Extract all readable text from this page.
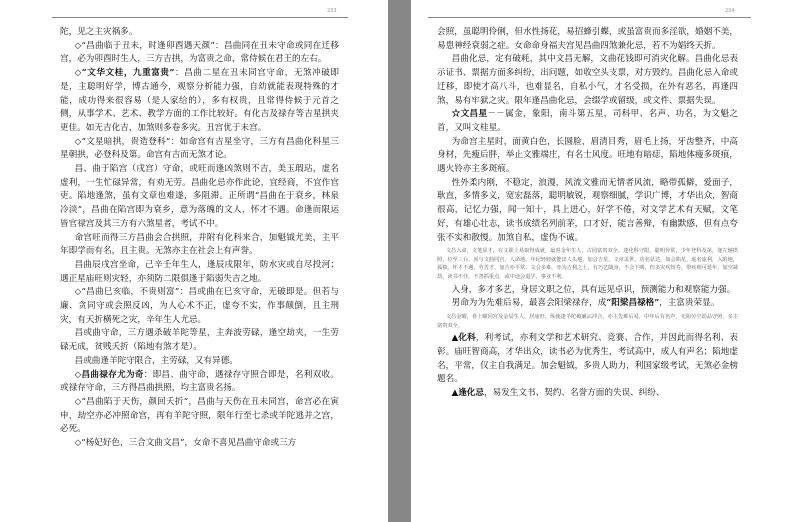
233

陀，见之主灾祸多。

◇“昌曲临于丑未，时逢卯酉遇天颜”：昌曲同在丑未守命或同在迁移宫，必为卯酉时生人，三方吉拱，为富贵之命，常侍候在君王的左右。

◇“文华文桂，九重富贵”：昌曲二星在丑未同宫守命，无煞冲破即是，主聪明好学，博古通今，观察分析能力强，自幼就能表现特殊的才能，成功得来很容易（是人家给的），多有权贵，且常得侍候于元首之侧，从事学术、艺术、教学方面的工作比较好。有化吉及禄存等吉星拱夹更佳。如无吉化吉，加煞则多卷多灾。丑宫优于未宫。

◇“文星暗拱，贵造登科”：如命宫有吉星坐守，三方有昌曲化科星三星朝拱，必登科及第。命宫有吉而无煞才论。

昌、曲于陷宫（戌宫）守命，或旺而逢凶煞则不吉，美玉瑕玷，虚名虚利，一生忙碌异常，有劝无劳。昌曲化忌亦作此论，宜经商，不宜作官吏。陷地逢煞，虽有文章也难遂，多阻滞。正所谓“昌曲在于衰乡，林泉冷淡”，昌曲在陷宫即为衰乡，意为落魄的文人，怀才不遇。命逢而限运皆官禄宫及其三方有六煞星者，考试不中。

命宫旺而得三方昌曲会合拱照，并附有化科来合，加魁钺尤美，主平年即学而有名，且主贵。无煞亦主在社会上有声誉。

昌曲辰戌宫坐命，己辛壬年生人，逢辰戌限年，防水灾或自尽投河；遇正星庙旺则灾轻，亦须防二限俱逢于陷弱失吉之地。

◇“昌曲巳亥临，不贵则富”：昌或曲在巳亥守命，无破即是。但若与廉、贪同守或会照反凶，为人心术不正，虚夸不实，作事颠倒，且主刑灾，有天折横死之灾，辛年生人尤忌。

昌或曲守命，三方遇杀破羊陀等星，主奔波劳碌，逢空劫夹，一生劳碌无成，贫贱夭折（陷地有煞才是）。

昌或曲逢羊陀守限合，主劳碌，又有异德。

◇昌曲禄存尤为奇：即昌、曲守命，遇禄存守照合即是，名利双收。或禄存守命，三方得昌曲拱照，均主富贵名扬。

◇“昌曲陷于天伤，颜回夭折”，昌曲与天伤在丑未同宫，命宫必在寅申，劫空亦必冲照命宫，再有羊陀守照，限年行至七杀或羊陀逃并之宫，必死。

◇“杨妃好色，三合文曲文昌”，女命不喜见昌曲守命或三方

234

会照，虽聪明伶俐，但水性扬花，易招蜂引蝶，或虽富贵而多淫欲，婚姻不美，易患神经衰弱之症。女命命身福夫宫见昌曲四煞兼化忌，若不为娼终天折。

昌曲化忌，定有破耗，其中文昌无解，文曲花钱即可消灾化解。昌曲化忌表示证书、票据方面多纠纷，出问题，如收空头支票，对方毁约。昌曲化忌入命或迁移，即使才高八斗，也难显名，自私小气，才名受损，在外有恶名，再逢四煞，易有牢狱之灾。限年逢昌曲化忌，会缀学或留级，或文件、票据失误。

☆文昌星－－属金，象阳，南斗第五星，司科甲、名声、功名，为文魁之首，又叫文桂星。

为命宫主星时，面黄白色，长圆脸，眉清目秀，眉毛上扬，牙齿整齐，中高身材，先瘦后胖，举止文雅端庄，有名士风度。旺地有暗痣，陷地体瘦多斑痕，遇火铃亦主多斑痕。

性外柔内刚，不稳定，浪漫，风流文雅而无情者风流，略带孤僻，爱面子，耿直，多情多义，宽宏磊落，聪明敏锐，观察细腻，学识广博，才华出众，智商很高，记忆力强，闻一知十，具上进心，好学不倦，对文学艺术有天赋，文笔好，有雄心壮志，读书成绩名列前茅，口才好，能言善辩，有幽默感，但有点夸张不实和散慢。加煞自私，虚伪不诚。

文昌入命，文笔显才，在文职上易取得成就，最喜金年生人，古园富贵双全，逢化科守限，聪明异常，少年登科及第，逢左辅拱照，位至三台，喜与文曲同宫，人命地，年纪轻轻就能出人头地，加会吉星，文章盖世，功名显达，如会陷星，虚名虚利，入陷地，孤独，怀才不遇，劳苦才，加吉亦平常，文会多难，亦为吉利之士，有巧艺随身，不会下贱，但多灾疾短寿，带疾则可延年，加空减劫，读书不佳，不善抓重点，或中途会退学，事业不利。

入身，多才多艺，身居文职之位，具有远见卓识，预测能力和观察能力强。

男命为为先难后易，最喜会阳梁禄存，成“阳梁昌禄格”，主富贵荣显。

文昌金曜，喜土曜同宫及金局生人，居庙旺，纵使逢羊陀破廉沾冲合，亦主先难后易，中年后有名声，无阻劳空劫品守照，多主富贵双全。

▲化科，利考试，亦利文学和艺术研究、竞赛、合作，并因此而得名利、表彰。庙旺智商高，才华出众，读书必为优秀生，考试高中，成人有声名；陷地虚名，平常，仅主自我满足。加会魁钺，多贵人助力，利国家级考试，无煞必金榜题名。

▲逢化忌，易发生文书、契约、名誉方面的失误、纠纷、
